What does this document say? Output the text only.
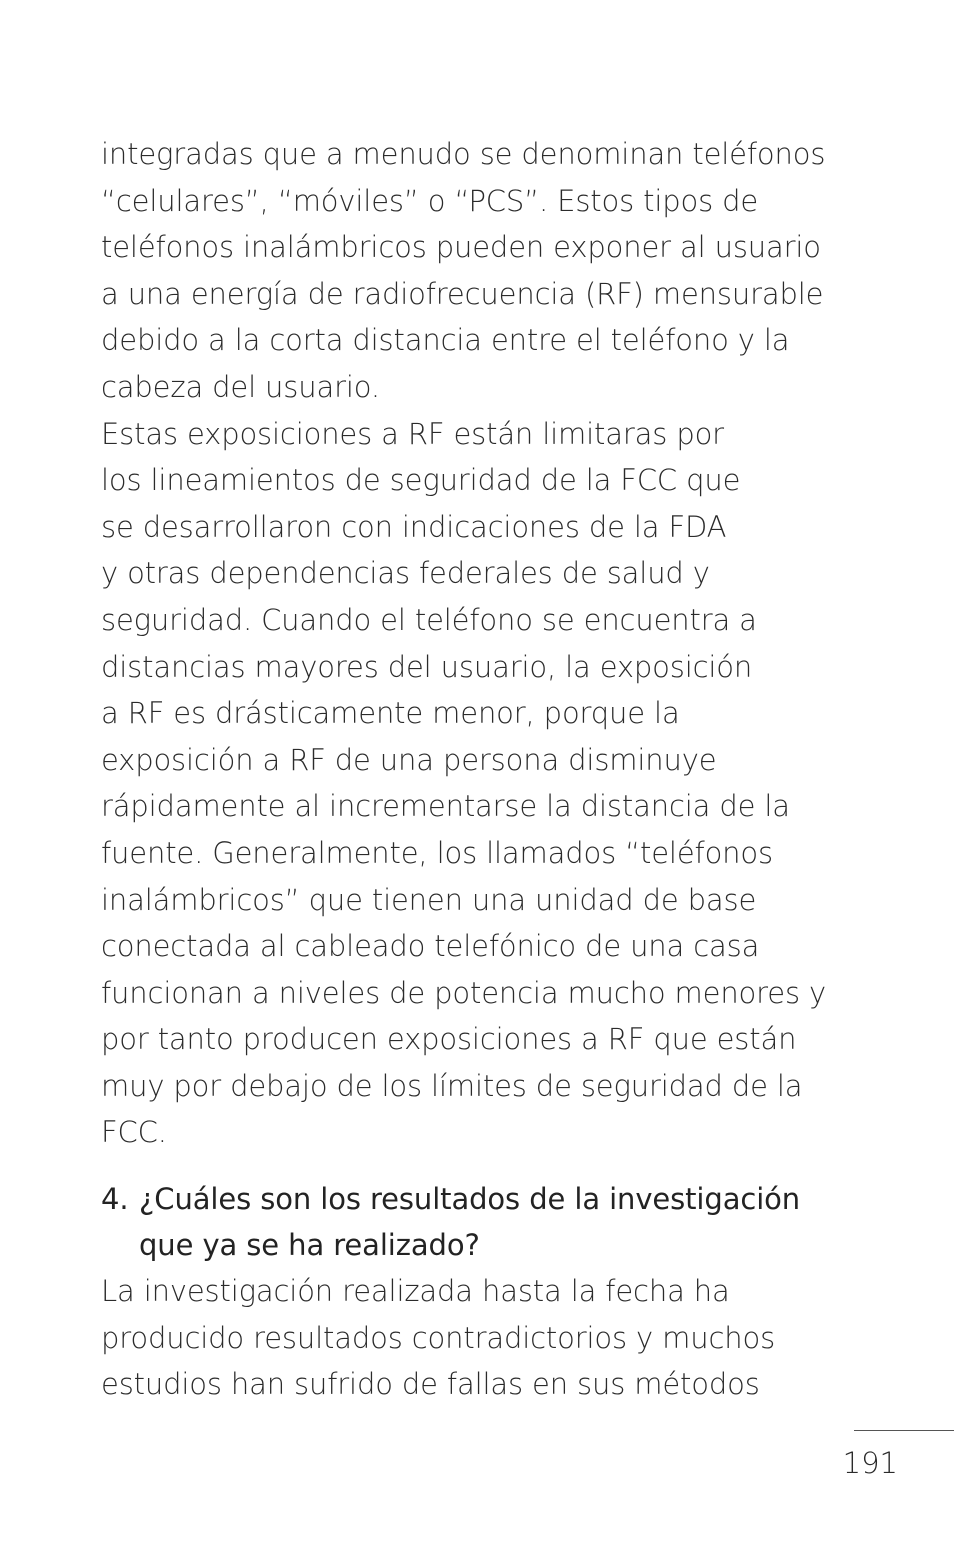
integradas que a menudo se denominan teléfonos
“celulares”, “móviles” o “PCS”. Estos tipos de
teléfonos inalámbricos pueden exponer al usuario
a una energía de radiofrecuencia (RF) mensurable
debido a la corta distancia entre el teléfono y la
cabeza del usuario.
Estas exposiciones a RF están limitaras por
los lineamientos de seguridad de la FCC que
se desarrollaron con indicaciones de la FDA
y otras dependencias federales de salud y
seguridad. Cuando el teléfono se encuentra a
distancias mayores del usuario, la exposición
a RF es drásticamente menor, porque la
exposición a RF de una persona disminuye
rápidamente al incrementarse la distancia de la
fuente. Generalmente, los llamados “teléfonos
inalámbricos” que tienen una unidad de base
conectada al cableado telefónico de una casa
funcionan a niveles de potencia mucho menores y
por tanto producen exposiciones a RF que están
muy por debajo de los límites de seguridad de la
FCC.
4. ¿Cuáles son los resultados de la investigación
que ya se ha realizado?
La investigación realizada hasta la fecha ha
producido resultados contradictorios y muchos
estudios han sufrido de fallas en sus métodos
191
